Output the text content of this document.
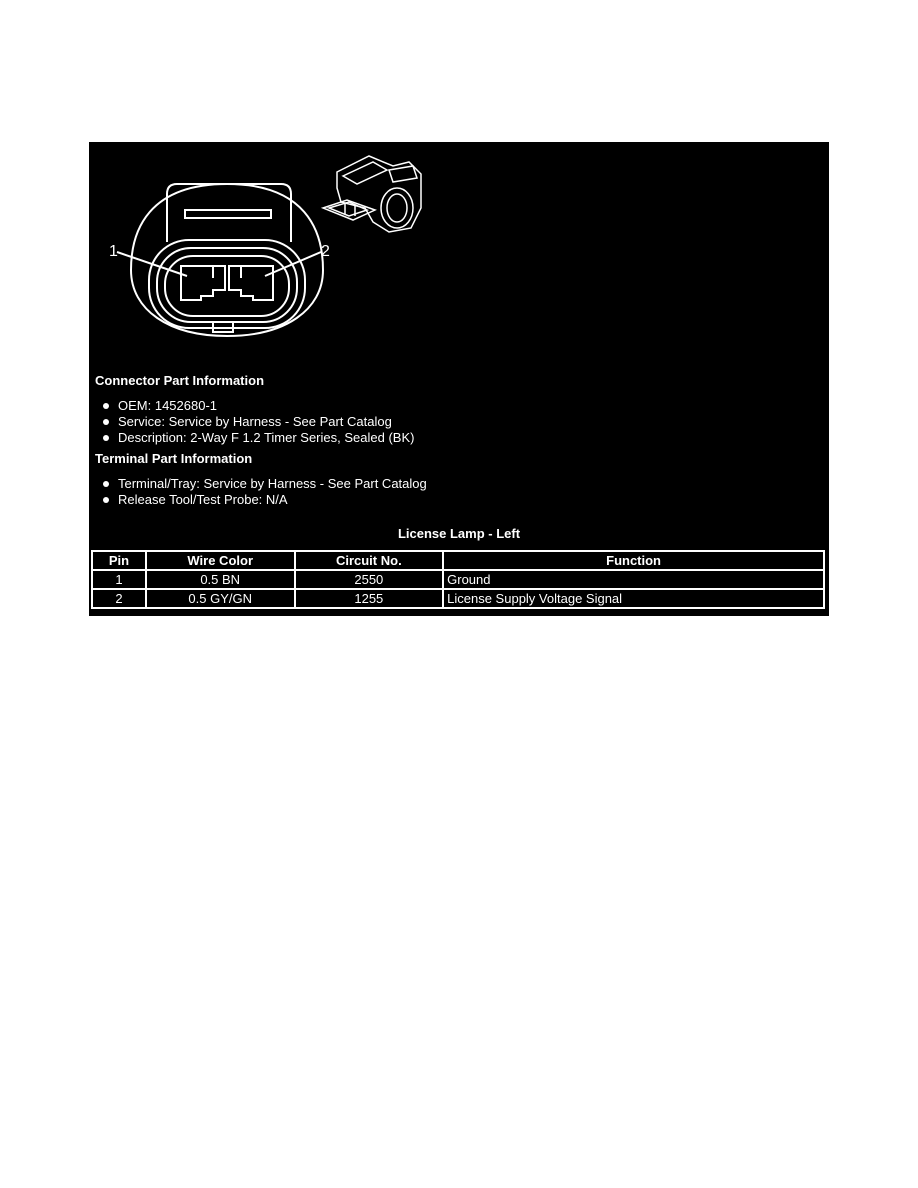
1	2
Connector Part Information
OEM: 1452680-1
Service: Service by Harness - See Part Catalog
Description: 2-Way F 1.2 Timer Series, Sealed (BK)
Terminal Part Information
Terminal/Tray: Service by Harness - See Part Catalog
Release Tool/Test Probe: N/A
License Lamp - Left
Pin	Wire Color	Circuit No.	Function
1	0.5 BN	2550	Ground
2	0.5 GY/GN	1255	License Supply Voltage Signal
